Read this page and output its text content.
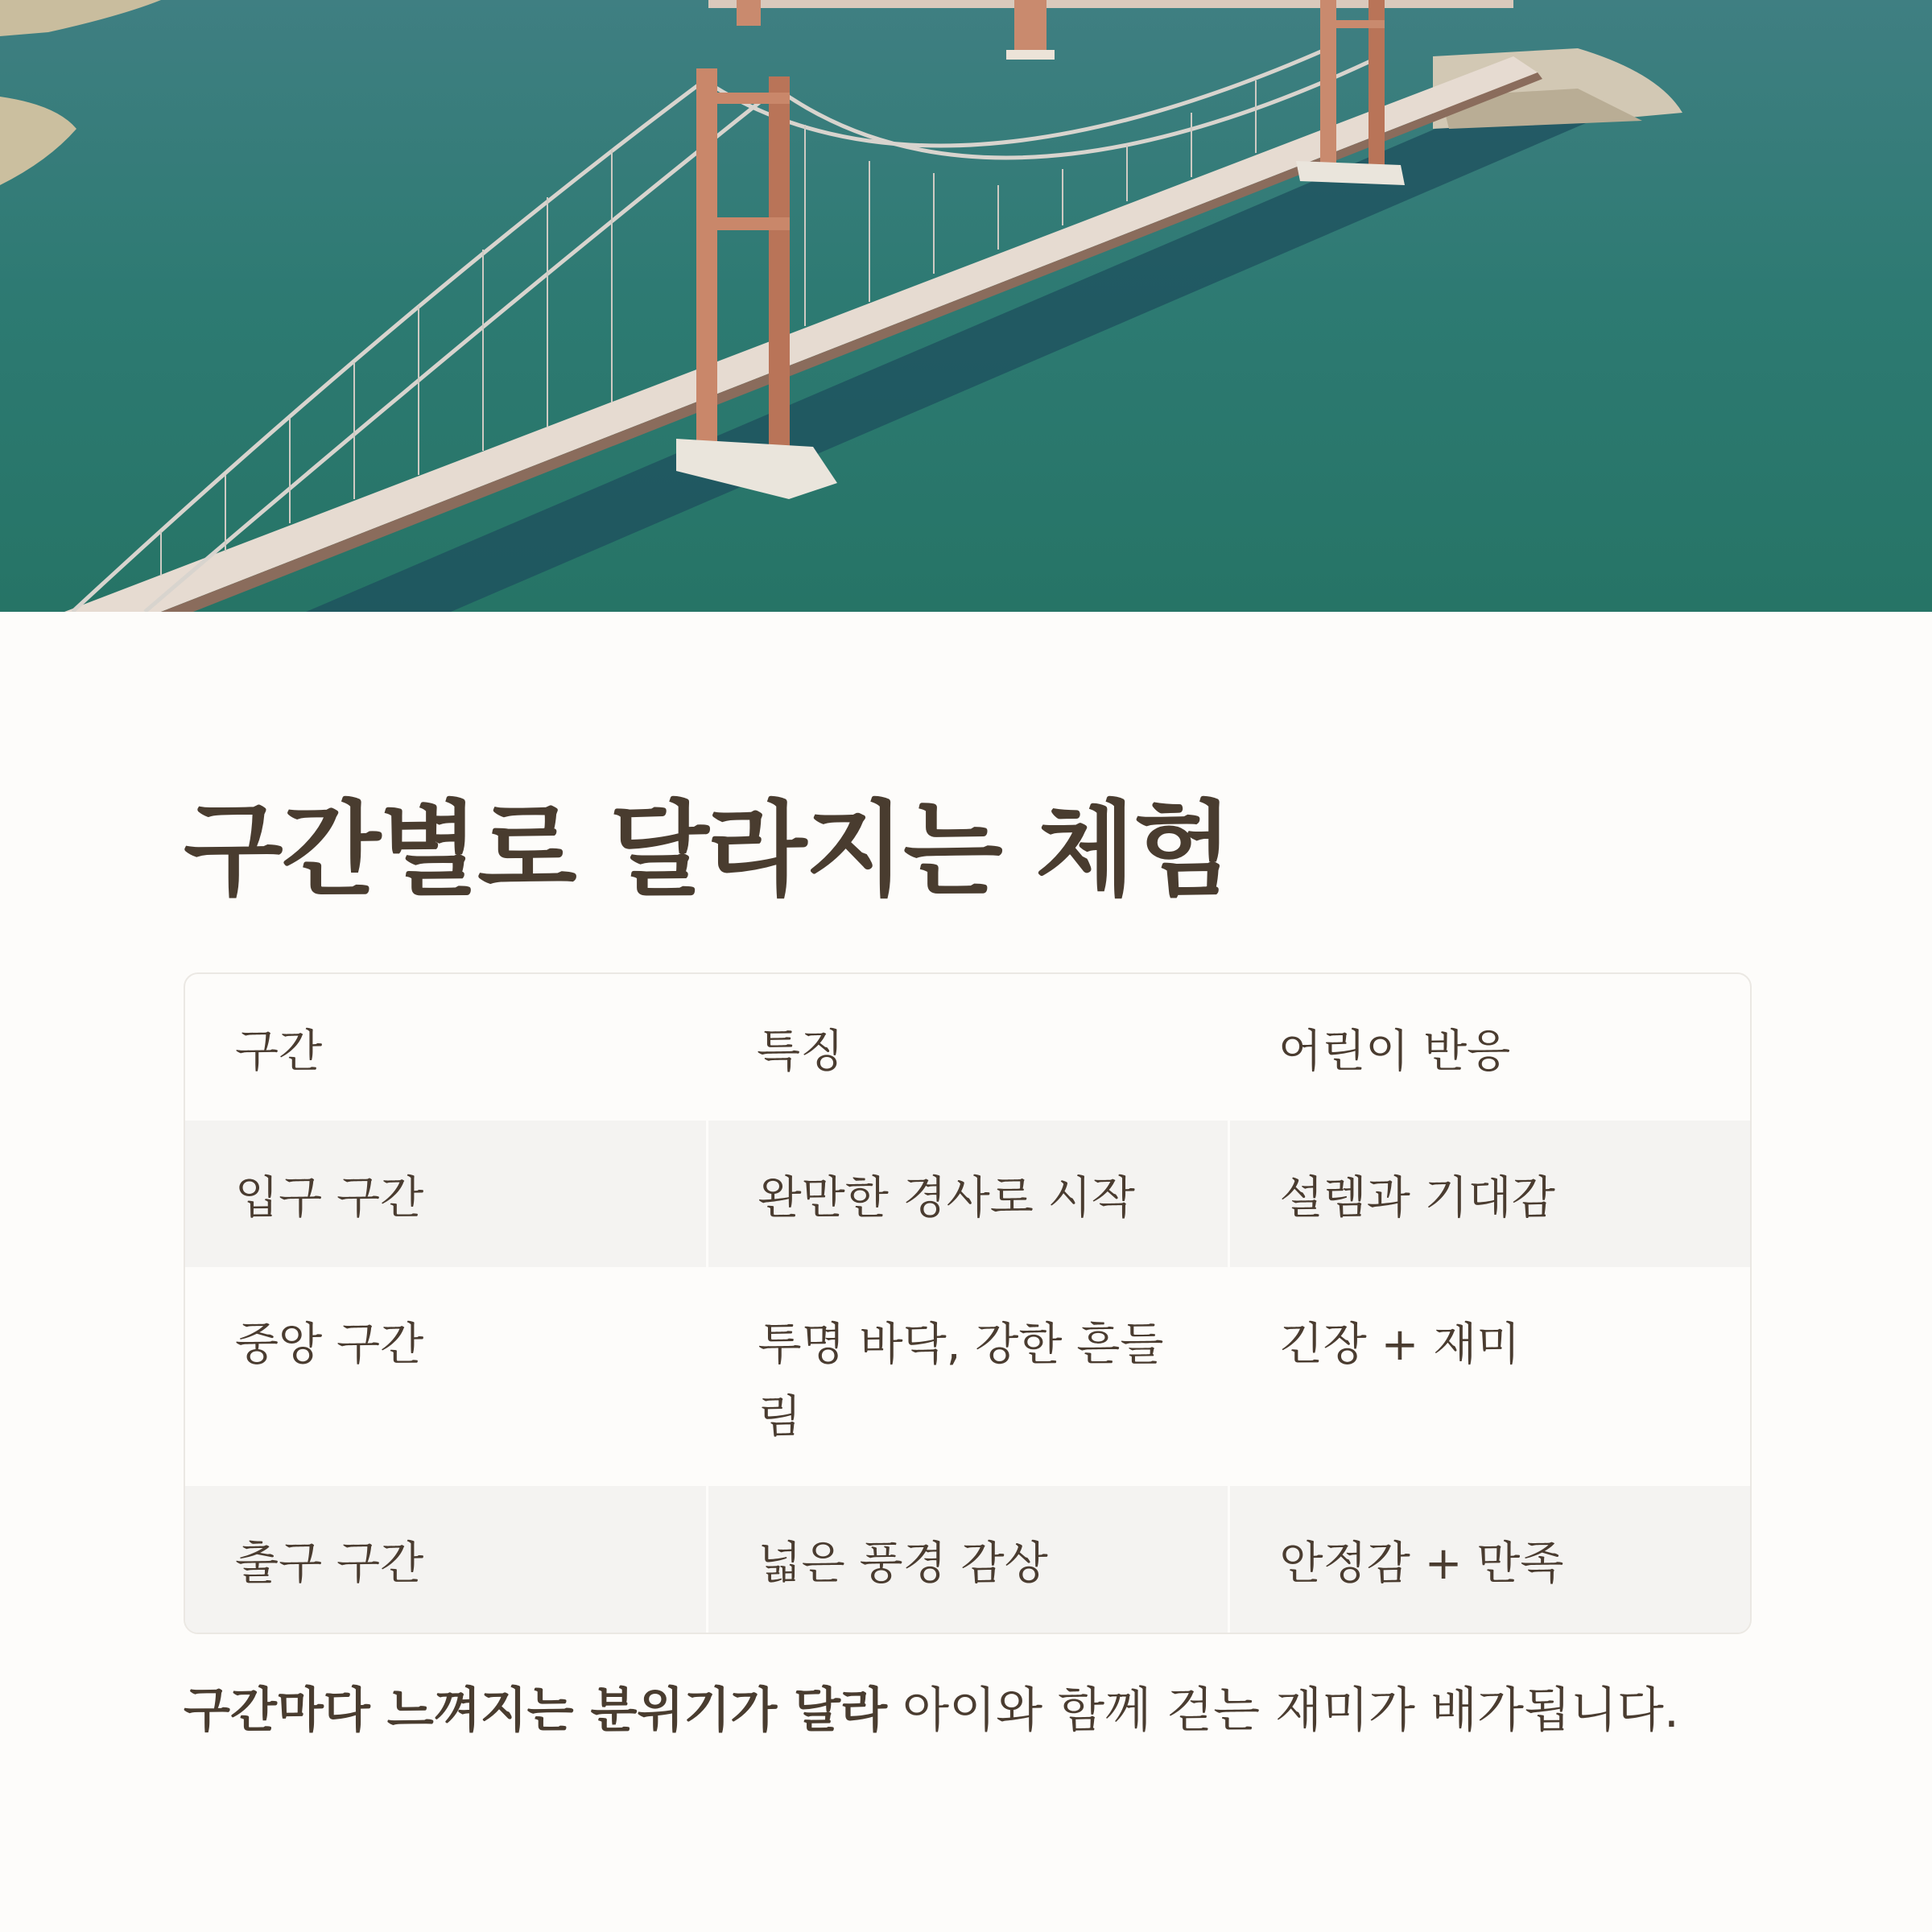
구간별로 달라지는 체험
구간	특징	어린이 반응
입구 구간	완만한 경사로 시작	설렘과 기대감
중앙 구간	투명 바닥, 강한 흔들림	긴장 + 재미
출구 구간	넓은 풍경 감상	안정감 + 만족

구간마다 느껴지는 분위기가 달라 아이와 함께 걷는 재미가 배가됩니다.
